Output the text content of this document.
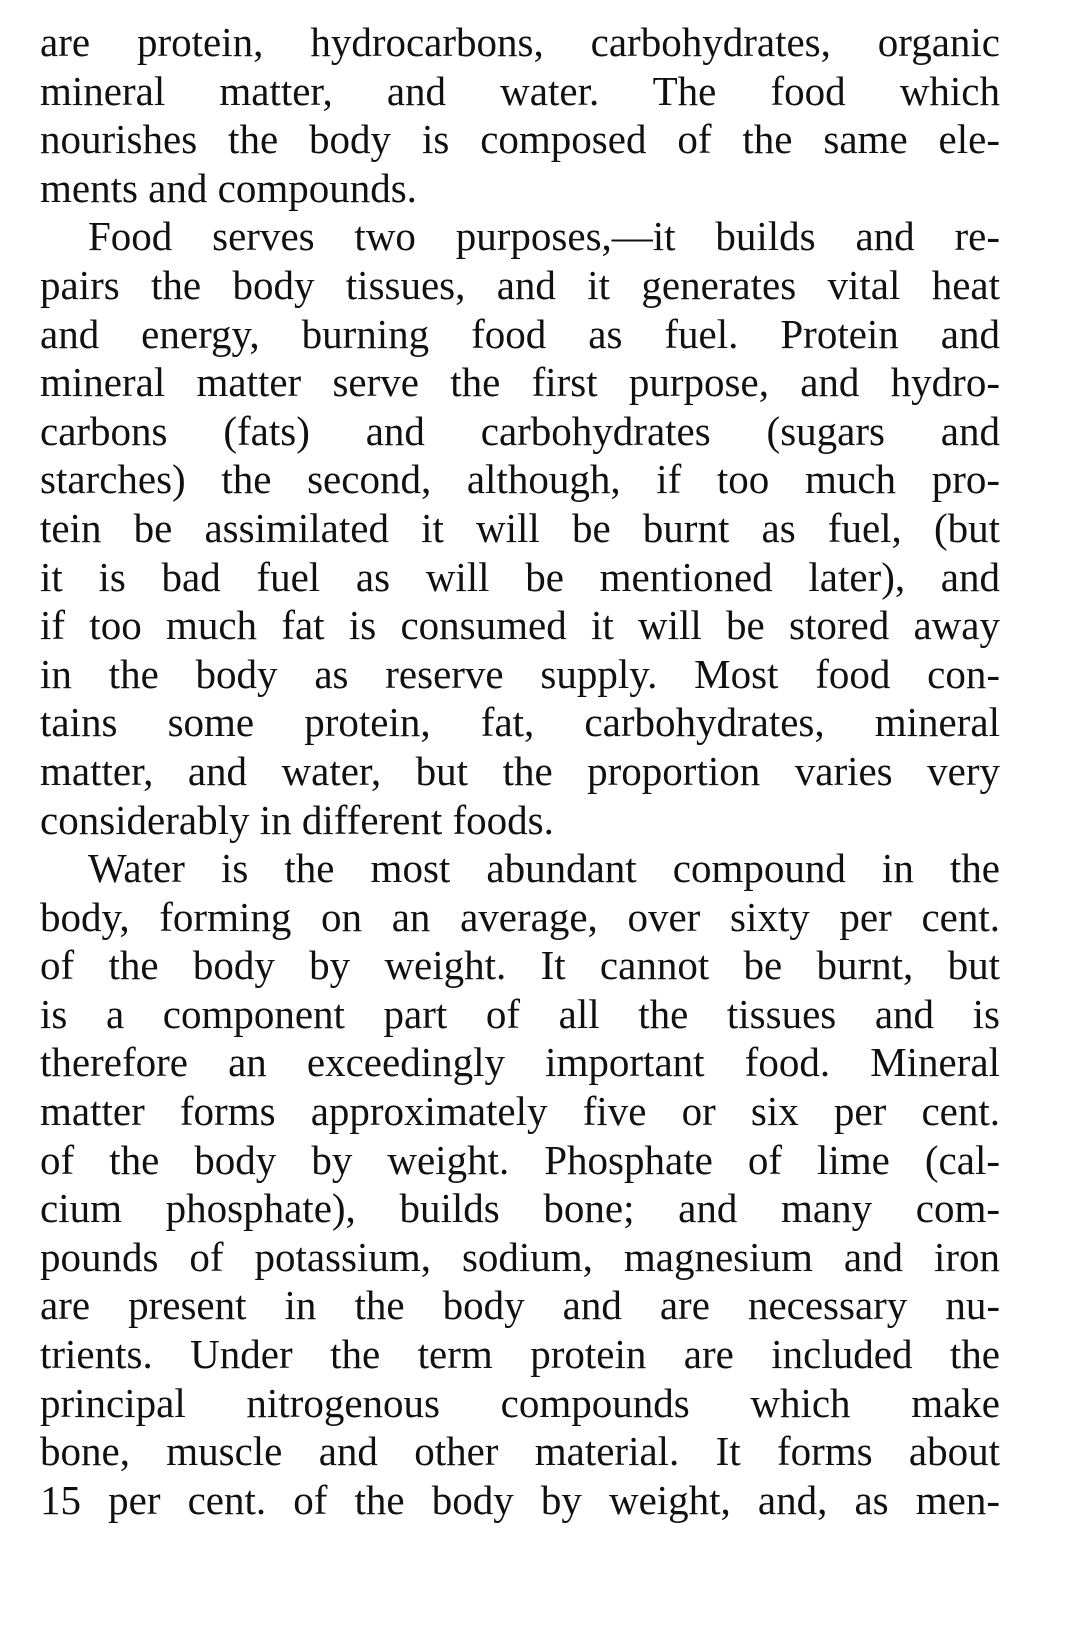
are protein, hydrocarbons, carbohydrates, organic
mineral matter, and water. The food which
nourishes the body is composed of the same ele-
ments and compounds.
Food serves two purposes,—it builds and re-
pairs the body tissues, and it generates vital heat
and energy, burning food as fuel. Protein and
mineral matter serve the first purpose, and hydro-
carbons (fats) and carbohydrates (sugars and
starches) the second, although, if too much pro-
tein be assimilated it will be burnt as fuel, (but
it is bad fuel as will be mentioned later), and
if too much fat is consumed it will be stored away
in the body as reserve supply. Most food con-
tains some protein, fat, carbohydrates, mineral
matter, and water, but the proportion varies very
considerably in different foods.
Water is the most abundant compound in the
body, forming on an average, over sixty per cent.
of the body by weight. It cannot be burnt, but
is a component part of all the tissues and is
therefore an exceedingly important food. Mineral
matter forms approximately five or six per cent.
of the body by weight. Phosphate of lime (cal-
cium phosphate), builds bone; and many com-
pounds of potassium, sodium, magnesium and iron
are present in the body and are necessary nu-
trients. Under the term protein are included the
principal nitrogenous compounds which make
bone, muscle and other material. It forms about
15 per cent. of the body by weight, and, as men-
